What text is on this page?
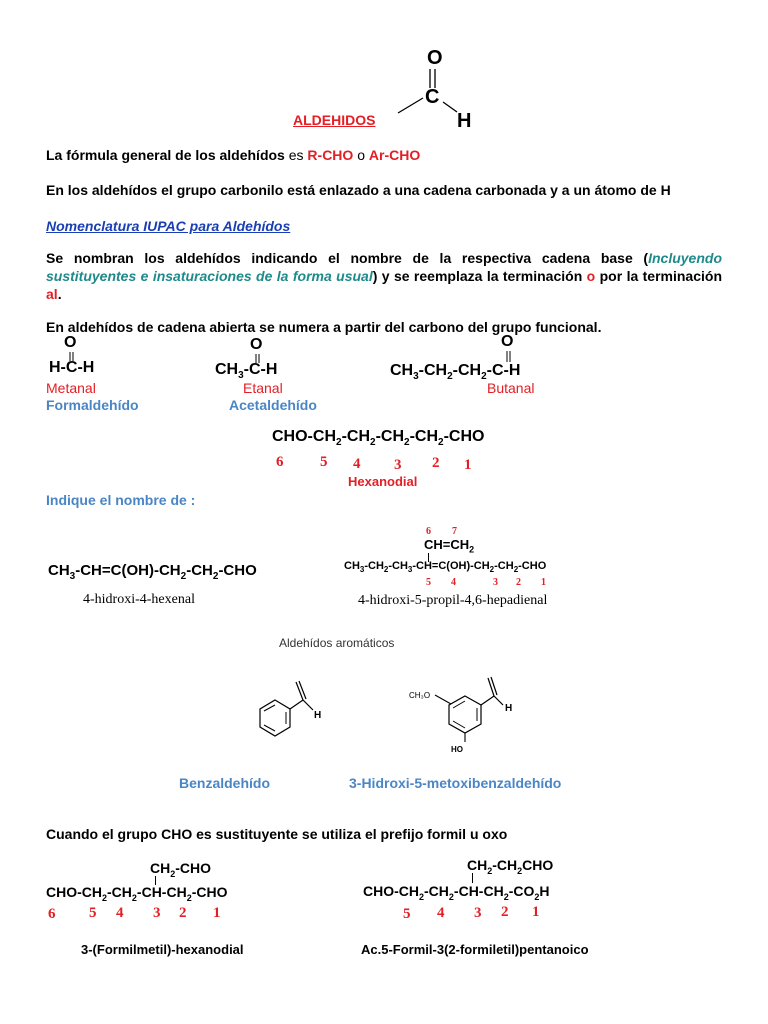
ALDEHIDOS
O
C
H
La fórmula general de los aldehídos es R-CHO o Ar-CHO
En los aldehídos el grupo carbonilo está enlazado a una cadena carbonada y a un átomo de H
Nomenclatura IUPAC para Aldehídos
Se nombran los aldehídos indicando el nombre de la respectiva cadena base (Incluyendo sustituyentes e insaturaciones de la forma usual) y se reemplaza la terminación o por la terminación al.
En aldehídos de cadena abierta se numera a partir del carbono del grupo funcional.
O
H-C-H
Metanal
Formaldehído
O
$CH_3-C-H$
Etanal
Acetaldehído
O
$CH_3-CH_2-CH_2-C-H$
Butanal
CHO-$CH_2-CH_2-CH_2-CH_2$-CHO
6 5 4 3 2 1
Hexanodial
Indique el nombre de :
$CH_3-CH=C(OH)-CH_2-CH_2$-CHO
4-hidroxi-4-hexenal
6 7
$CH=CH_2$
$CH_3-CH_2-CH_3-CH=C(OH)-CH_2-CH_2$-CHO
5 4	3 2 1
4-hidroxi-5-propil-4,6-hepadienal
Aldehídos aromáticos
H
CH₃O
HO
H
Benzaldehído	3-Hidroxi-5-metoxibenzaldehído
Cuando el grupo CHO es sustituyente se utiliza el prefijo formil u oxo
$CH_2$-CHO
CHO-$CH_2-CH_2-CH-CH_2$-CHO
6 5 4 3 2 1
3-(Formilmetil)-hexanodial
$CH_2-CH_2CHO$
CHO-$CH_2-CH_2-CH-CH_2-CO_2H$
5 4 3 2 1
Ac.5-Formil-3(2-formiletil)pentanoico
